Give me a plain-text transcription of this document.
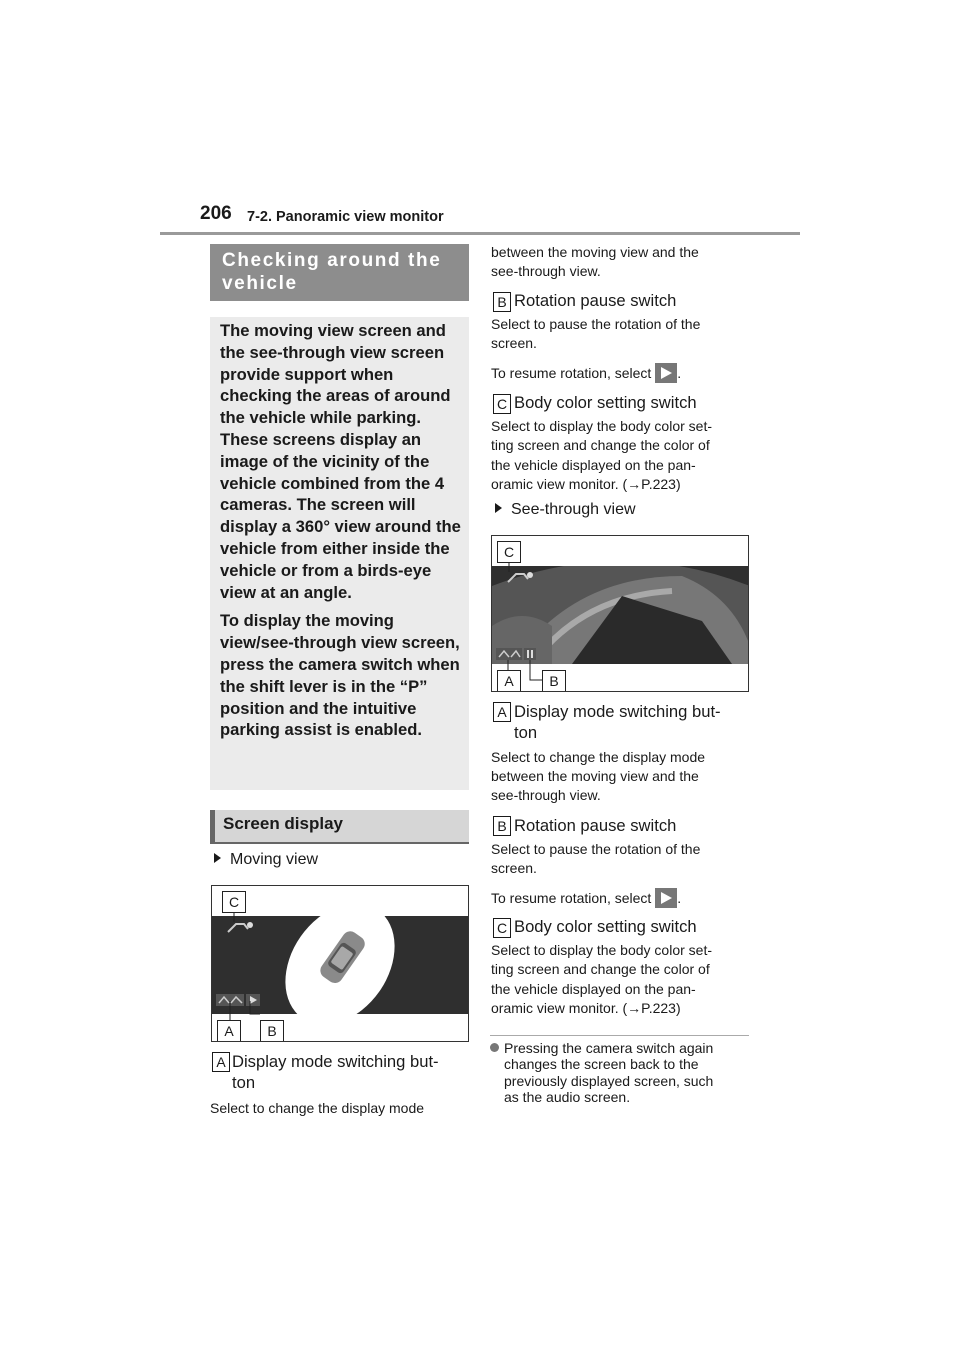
206 7-2. Panoramic view monitor
Checking around the vehicle

The moving view screen and the see-through view screen provide support when checking the areas of around the vehicle while parking. These screens display an image of the vicinity of the vehicle combined from the 4 cameras. The screen will display a 360° view around the vehicle from either inside the vehicle or from a birds-eye view at an angle.

To display the moving view/see-through view screen, press the camera switch when the shift lever is in the “P” position and the intuitive parking assist is enabled.

Screen display
Moving view
C
A	B
A Display mode switching but-
ton
Select to change the display mode
between the moving view and the
see-through view.
B Rotation pause switch
Select to pause the rotation of the
screen.
To resume rotation, select .
C Body color setting switch
Select to display the body color set-
ting screen and change the color of
the vehicle displayed on the pan-
oramic view monitor. (→P.223)
See-through view
C
A	B
A Display mode switching but-
ton
Select to change the display mode
between the moving view and the
see-through view.
B Rotation pause switch
Select to pause the rotation of the
screen.
To resume rotation, select .
C Body color setting switch
Select to display the body color set-
ting screen and change the color of
the vehicle displayed on the pan-
oramic view monitor. (→P.223)
Pressing the camera switch again
changes the screen back to the
previously displayed screen, such
as the audio screen.
